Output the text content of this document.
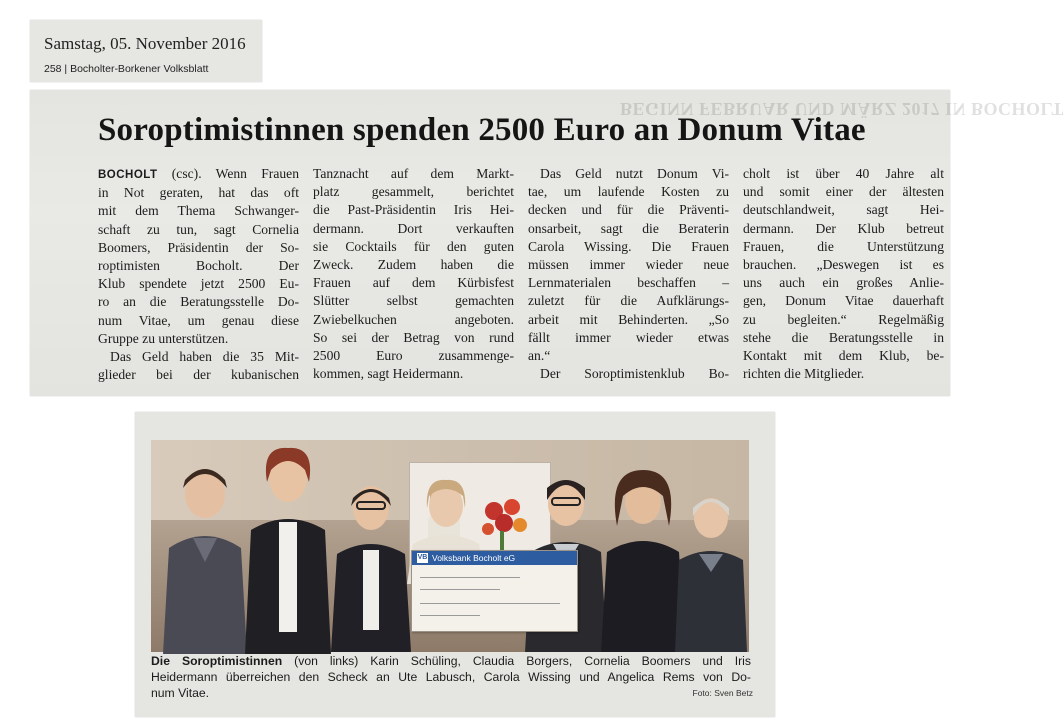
Samstag, 05. November 2016
258 | Bocholter-Borkener Volksblatt
BEGINN FEBRUAR UND MÄRZ 2017 IN BOCHOLT
Soroptimistinnen spenden 2500 Euro an Donum Vitae
BOCHOLT (csc). Wenn Frauen
in Not geraten, hat das oft
mit dem Thema Schwanger-
schaft zu tun, sagt Cornelia
Boomers, Präsidentin der So-
roptimisten Bocholt. Der
Klub spendete jetzt 2500 Eu-
ro an die Beratungsstelle Do-
num Vitae, um genau diese
Gruppe zu unterstützen.
Das Geld haben die 35 Mit-
glieder bei der kubanischen
Tanznacht auf dem Markt-
platz gesammelt, berichtet
die Past-Präsidentin Iris Hei-
dermann. Dort verkauften
sie Cocktails für den guten
Zweck. Zudem haben die
Frauen auf dem Kürbisfest
Slütter selbst gemachten
Zwiebelkuchen angeboten.
So sei der Betrag von rund
2500 Euro zusammenge-
kommen, sagt Heidermann.
Das Geld nutzt Donum Vi-
tae, um laufende Kosten zu
decken und für die Präventi-
onsarbeit, sagt die Beraterin
Carola Wissing. Die Frauen
müssen immer wieder neue
Lernmaterialen beschaffen –
zuletzt für die Aufklärungs-
arbeit mit Behinderten. „So
fällt immer wieder etwas
an.“
Der Soroptimistenklub Bo-
cholt ist über 40 Jahre alt
und somit einer der ältesten
deutschlandweit, sagt Hei-
dermann. Der Klub betreut
Frauen, die Unterstützung
brauchen. „Deswegen ist es
uns auch ein großes Anlie-
gen, Donum Vitae dauerhaft
zu begleiten.“ Regelmäßig
stehe die Beratungsstelle in
Kontakt mit dem Klub, be-
richten die Mitglieder.
Volksbank Bocholt eG
VB
Die Soroptimistinnen (von links) Karin Schüling, Claudia Borgers, Cornelia Boomers und Iris
Heidermann überreichen den Scheck an Ute Labusch, Carola Wissing und Angelica Rems von Do-
num Vitae.	Foto: Sven Betz
